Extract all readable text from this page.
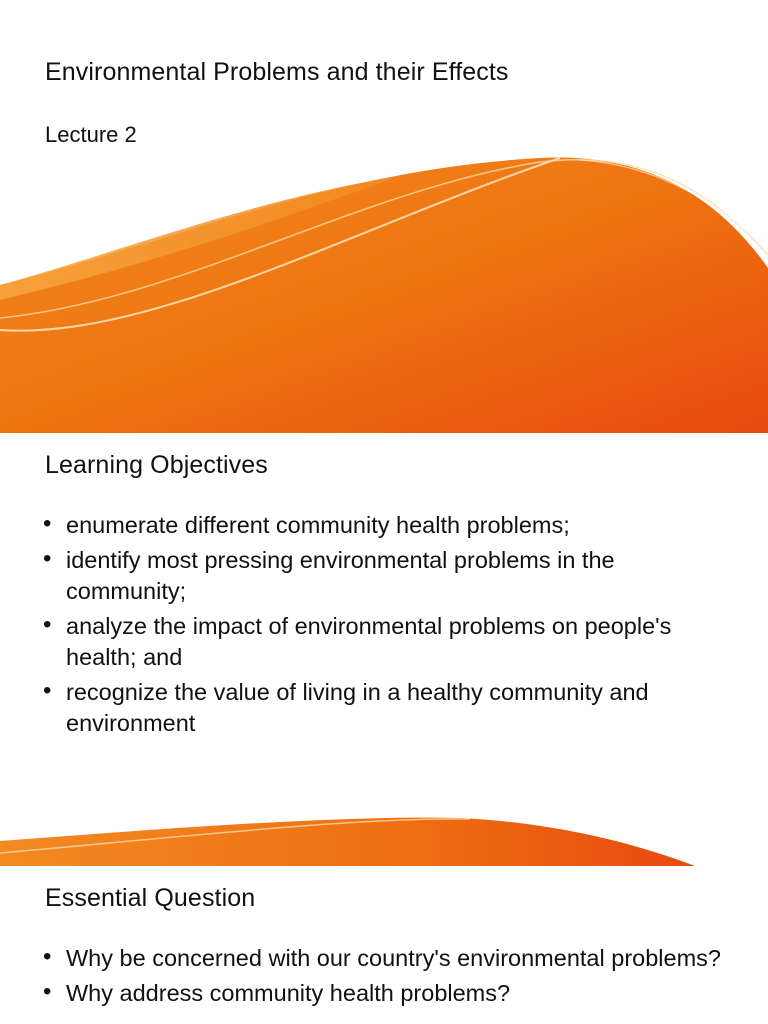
Environmental Problems and their Effects
Lecture 2
Learning Objectives
• enumerate different community health problems;
• identify most pressing environmental problems in the community;
• analyze the impact of environmental problems on people's health; and
• recognize the value of living in a healthy community and environment
Essential Question
• Why be concerned with our country's environmental problems?
• Why address community health problems?
